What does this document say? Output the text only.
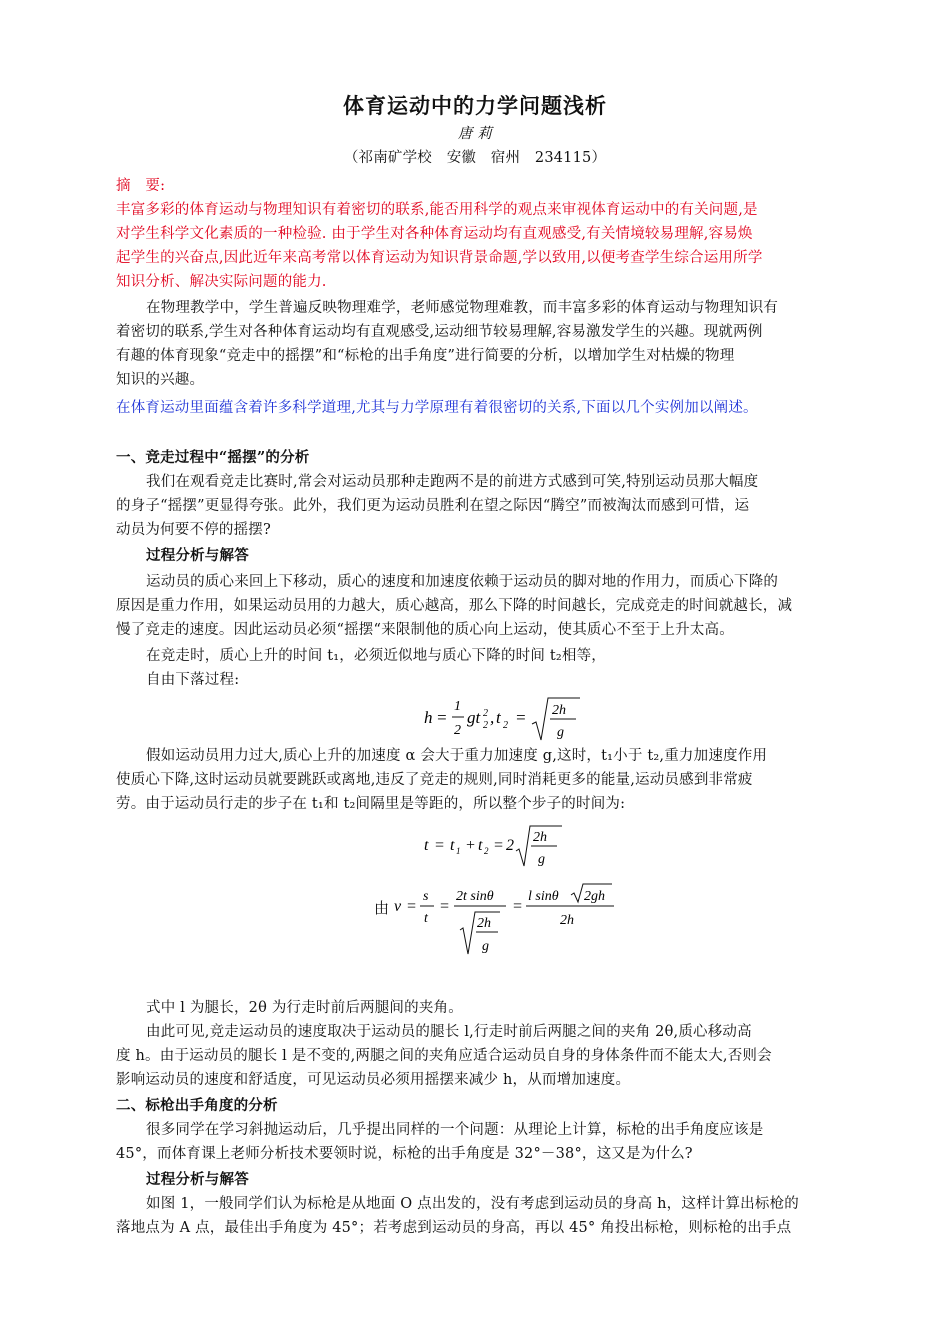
体育运动中的力学问题浅析
唐 莉
（祁南矿学校　安徽　宿州　234115）
摘　要:
丰富多彩的体育运动与物理知识有着密切的联系,能否用科学的观点来审视体育运动中的有关问题,是
对学生科学文化素质的一种检验. 由于学生对各种体育运动均有直观感受,有关情境较易理解,容易焕
起学生的兴奋点,因此近年来高考常以体育运动为知识背景命题,学以致用,以便考查学生综合运用所学
知识分析、解决实际问题的能力.
在物理教学中，学生普遍反映物理难学，老师感觉物理难教，而丰富多彩的体育运动与物理知识有
着密切的联系,学生对各种体育运动均有直观感受,运动细节较易理解,容易激发学生的兴趣。现就两例
有趣的体育现象“竞走中的摇摆”和“标枪的出手角度”进行简要的分析，以增加学生对枯燥的物理
知识的兴趣。
在体育运动里面蕴含着许多科学道理,尤其与力学原理有着很密切的关系,下面以几个实例加以阐述。
一、竞走过程中“摇摆”的分析
我们在观看竞走比赛时,常会对运动员那种走跑两不是的前进方式感到可笑,特别运动员那大幅度
的身子“摇摆”更显得夸张。此外，我们更为运动员胜利在望之际因“腾空”而被淘汰而感到可惜，运
动员为何要不停的摇摆?
过程分析与解答
运动员的质心来回上下移动，质心的速度和加速度依赖于运动员的脚对地的作用力，而质心下降的
原因是重力作用，如果运动员用的力越大，质心越高，那么下降的时间越长，完成竞走的时间就越长，减
慢了竞走的速度。因此运动员必须“摇摆“来限制他的质心向上运动，使其质心不至于上升太高。
在竞走时，质心上升的时间 t₁，必须近似地与质心下降的时间 t₂相等，
自由下落过程:
h =
1
2
gt 2
2 , t 2 = 2h
g
假如运动员用力过大,质心上升的加速度 α 会大于重力加速度 g,这时，t₁小于 t₂,重力加速度作用
使质心下降,这时运动员就要跳跃或离地,违反了竞走的规则,同时消耗更多的能量,运动员感到非常疲
劳。由于运动员行走的步子在 t₁和 t₂间隔里是等距的，所以整个步子的时间为:
t = t 1 + t 2 = 2 2h
g
由 v =
s
t
=
2t sinθ
2h
g
=
l sinθ 2gh
2h
式中 l 为腿长，2θ 为行走时前后两腿间的夹角。
由此可见,竞走运动员的速度取决于运动员的腿长 l,行走时前后两腿之间的夹角 2θ,质心移动高
度 h。由于运动员的腿长 l 是不变的,两腿之间的夹角应适合运动员自身的身体条件而不能太大,否则会
影响运动员的速度和舒适度，可见运动员必须用摇摆来减少 h，从而增加速度。
二、标枪出手角度的分析
很多同学在学习斜抛运动后，几乎提出同样的一个问题：从理论上计算，标枪的出手角度应该是
45°，而体育课上老师分析技术要领时说，标枪的出手角度是 32°－38°，这又是为什么?
过程分析与解答
如图 1，一般同学们认为标枪是从地面 O 点出发的，没有考虑到运动员的身高 h，这样计算出标枪的
落地点为 A 点，最佳出手角度为 45°；若考虑到运动员的身高，再以 45° 角投出标枪，则标枪的出手点
